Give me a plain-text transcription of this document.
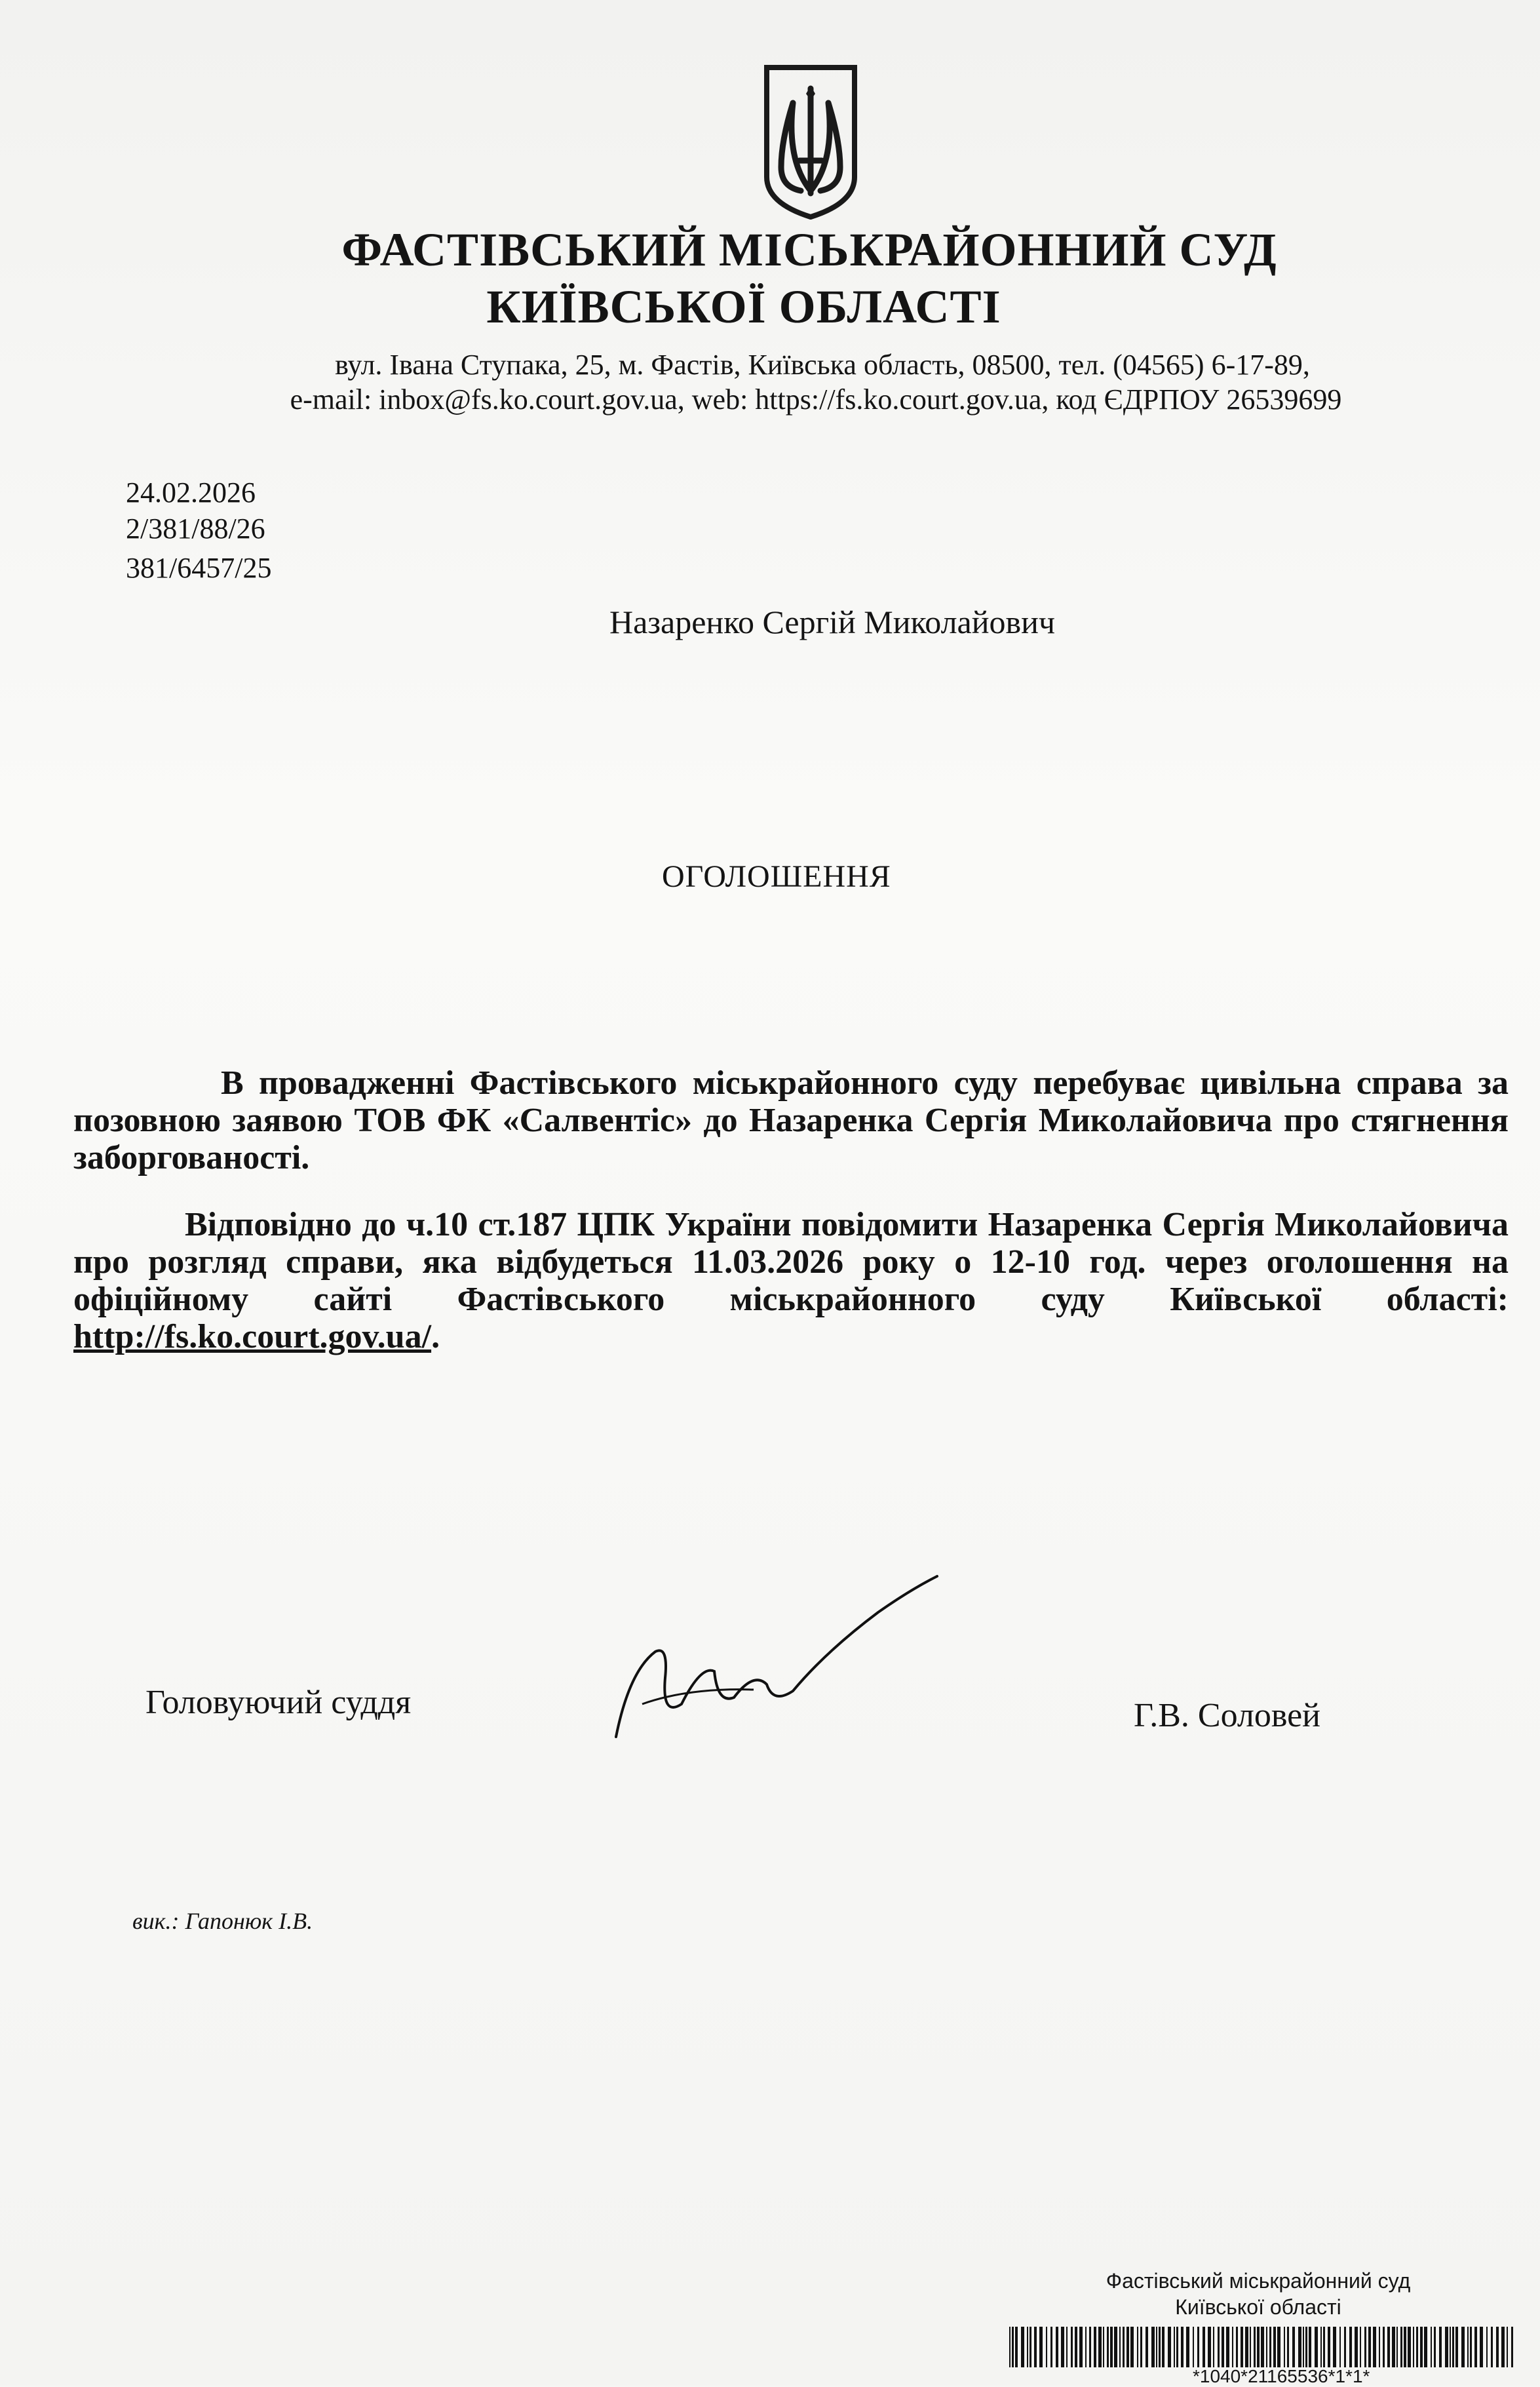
ФАСТІВСЬКИЙ МІСЬКРАЙОННИЙ СУД
КИЇВСЬКОЇ ОБЛАСТІ
вул. Івана Ступака, 25, м. Фастів, Київська область, 08500, тел. (04565) 6-17-89,
e-mail: inbox@fs.ko.court.gov.ua, web: https://fs.ko.court.gov.ua, код ЄДРПОУ 26539699
24.02.2026
2/381/88/26
381/6457/25
Назаренко Сергій Миколайович
ОГОЛОШЕННЯ

В провадженні Фастівського міськрайонного суду перебуває цивільна справа за позовною заявою ТОВ ФК «Салвентіс» до Назаренка Сергія Миколайовича про стягнення заборгованості.

Відповідно до ч.10 ст.187 ЦПК України повідомити Назаренка Сергія Миколайовича про розгляд справи, яка відбудеться 11.03.2026 року о 12-10 год. через оголошення на офіційному сайті Фастівського міськрайонного суду Київської області: http://fs.ko.court.gov.ua/.

Головуючий суддя	Г.В. Соловей
вик.: Гапонюк І.В.
Фастівський міськрайонний суд
Київської області
*1040*21165536*1*1*
